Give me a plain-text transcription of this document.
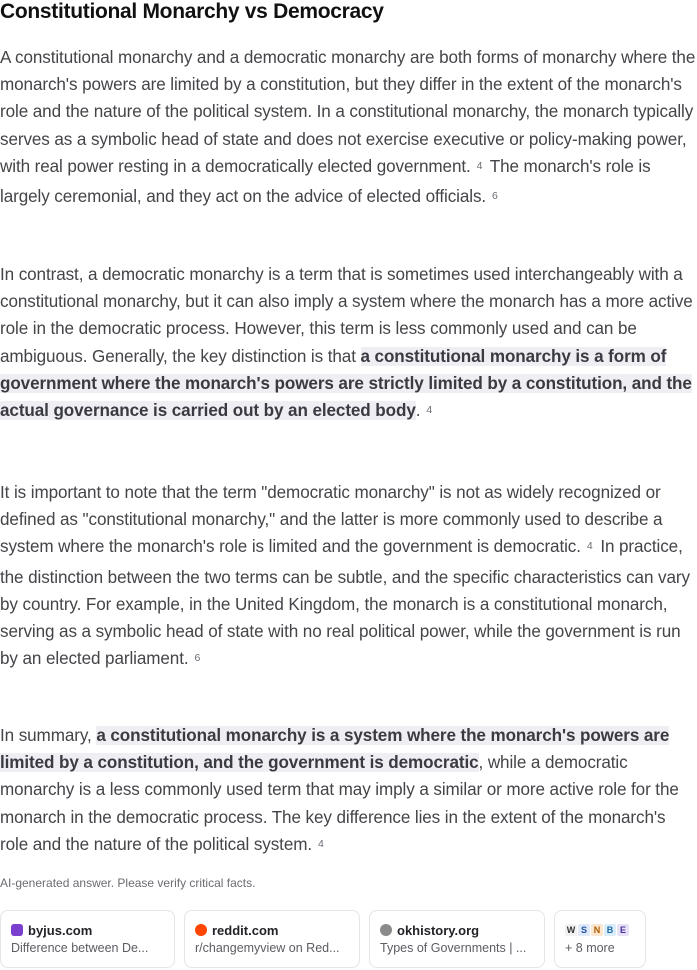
Constitutional Monarchy vs Democracy

A constitutional monarchy and a democratic monarchy are both forms of monarchy where the monarch's powers are limited by a constitution, but they differ in the extent of the monarch's role and the nature of the political system. In a constitutional monarchy, the monarch typically serves as a symbolic head of state and does not exercise executive or policy-making power, with real power resting in a democratically elected government. 4 The monarch's role is largely ceremonial, and they act on the advice of elected officials. 6

In contrast, a democratic monarchy is a term that is sometimes used interchangeably with a constitutional monarchy, but it can also imply a system where the monarch has a more active role in the democratic process. However, this term is less commonly used and can be ambiguous. Generally, the key distinction is that a constitutional monarchy is a form of government where the monarch's powers are strictly limited by a constitution, and the actual governance is carried out by an elected body. 4

It is important to note that the term "democratic monarchy" is not as widely recognized or defined as "constitutional monarchy," and the latter is more commonly used to describe a system where the monarch's role is limited and the government is democratic. 4 In practice, the distinction between the two terms can be subtle, and the specific characteristics can vary by country. For example, in the United Kingdom, the monarch is a constitutional monarch, serving as a symbolic head of state with no real political power, while the government is run by an elected parliament. 6

In summary, a constitutional monarchy is a system where the monarch's powers are limited by a constitution, and the government is democratic, while a democratic monarchy is a less commonly used term that may imply a similar or more active role for the monarch in the democratic process. The key difference lies in the extent of the monarch's role and the nature of the political system. 4

AI-generated answer. Please verify critical facts.

byjus.com
Difference between De...
reddit.com
r/changemyview on Red...
okhistory.org
Types of Governments | ...
W S N B E
+ 8 more
